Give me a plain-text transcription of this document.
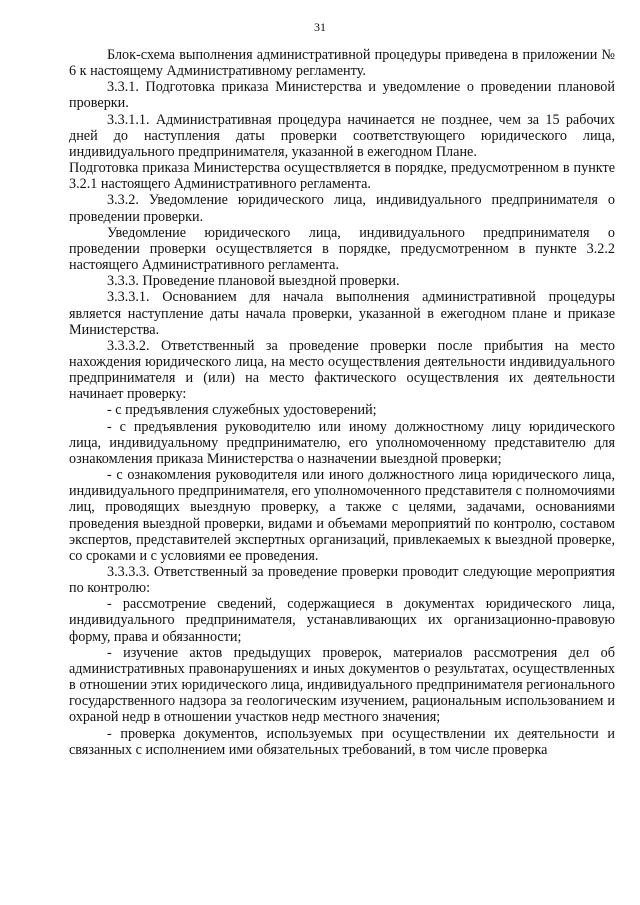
31

Блок-схема выполнения административной процедуры приведена в приложении № 6 к настоящему Административному регламенту.

3.3.1. Подготовка приказа Министерства и уведомление о проведении плановой проверки.

3.3.1.1. Административная процедура начинается не позднее, чем за 15 рабочих дней до наступления даты проверки соответствующего юридического лица, индивидуального предпринимателя, указанной в ежегодном Плане.

Подготовка приказа Министерства осуществляется в порядке, предусмотренном в пункте 3.2.1 настоящего Административного регламента.

3.3.2. Уведомление юридического лица, индивидуального предпринимателя о проведении проверки.

Уведомление юридического лица, индивидуального предпринимателя о проведении проверки осуществляется в порядке, предусмотренном в пункте 3.2.2 настоящего Административного регламента.

3.3.3. Проведение плановой выездной проверки.

3.3.3.1. Основанием для начала выполнения административной процедуры является наступление даты начала проверки, указанной в ежегодном плане и приказе Министерства.

3.3.3.2. Ответственный за проведение проверки после прибытия на место нахождения юридического лица, на место осуществления деятельности индивидуального предпринимателя и (или) на место фактического осуществления их деятельности начинает проверку:

- с предъявления служебных удостоверений;

- с предъявления руководителю или иному должностному лицу юридического лица, индивидуальному предпринимателю, его уполномоченному представителю для ознакомления приказа Министерства о назначении выездной проверки;

- с ознакомления руководителя или иного должностного лица юридического лица, индивидуального предпринимателя, его уполномоченного представителя с полномочиями лиц, проводящих выездную проверку, а также с целями, задачами, основаниями проведения выездной проверки, видами и объемами мероприятий по контролю, составом экспертов, представителей экспертных организаций, привлекаемых к выездной проверке, со сроками и с условиями ее проведения.

3.3.3.3. Ответственный за проведение проверки проводит следующие мероприятия по контролю:

- рассмотрение сведений, содержащиеся в документах юридического лица, индивидуального предпринимателя, устанавливающих их организационно-правовую форму, права и обязанности;

- изучение актов предыдущих проверок, материалов рассмотрения дел об административных правонарушениях и иных документов о результатах, осуществленных в отношении этих юридического лица, индивидуального предпринимателя регионального государственного надзора за геологическим изучением, рациональным использованием и охраной недр в отношении участков недр местного значения;

- проверка документов, используемых при осуществлении их деятельности и связанных с исполнением ими обязательных требований, в том числе проверка
